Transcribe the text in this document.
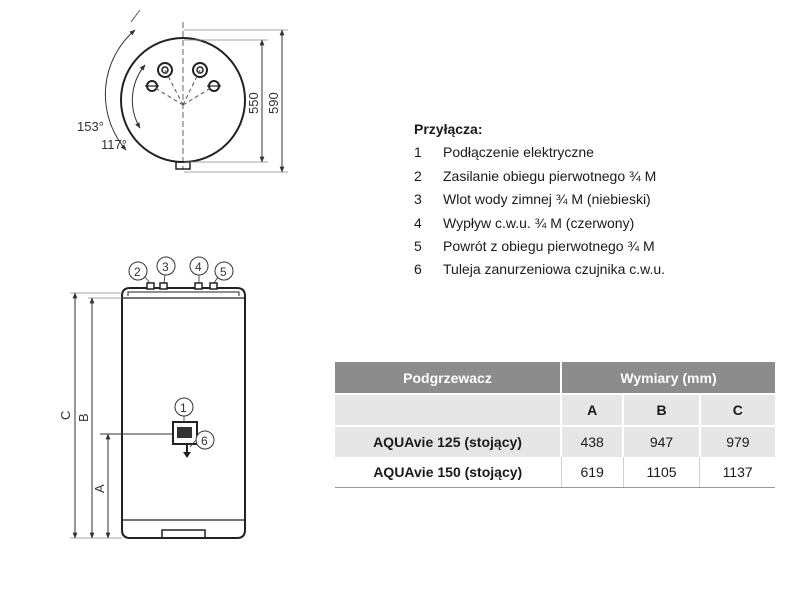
153°
117°
550 590
2 3 4 5
1
6
C B
A
Przyłącza:
1	Podłączenie elektryczne
2	Zasilanie obiegu pierwotnego ¾ M
3	Wlot wody zimnej ¾ M (niebieski)
4	Wypływ c.w.u. ¾ M (czerwony)
5	Powrót z obiegu pierwotnego ¾ M
6	Tuleja zanurzeniowa czujnika c.w.u.
Podgrzewacz	Wymiary (mm)		
	A	B	C
AQUAvie 125 (stojący)	438	947	979
AQUAvie 150 (stojący)	619	1105	1137
